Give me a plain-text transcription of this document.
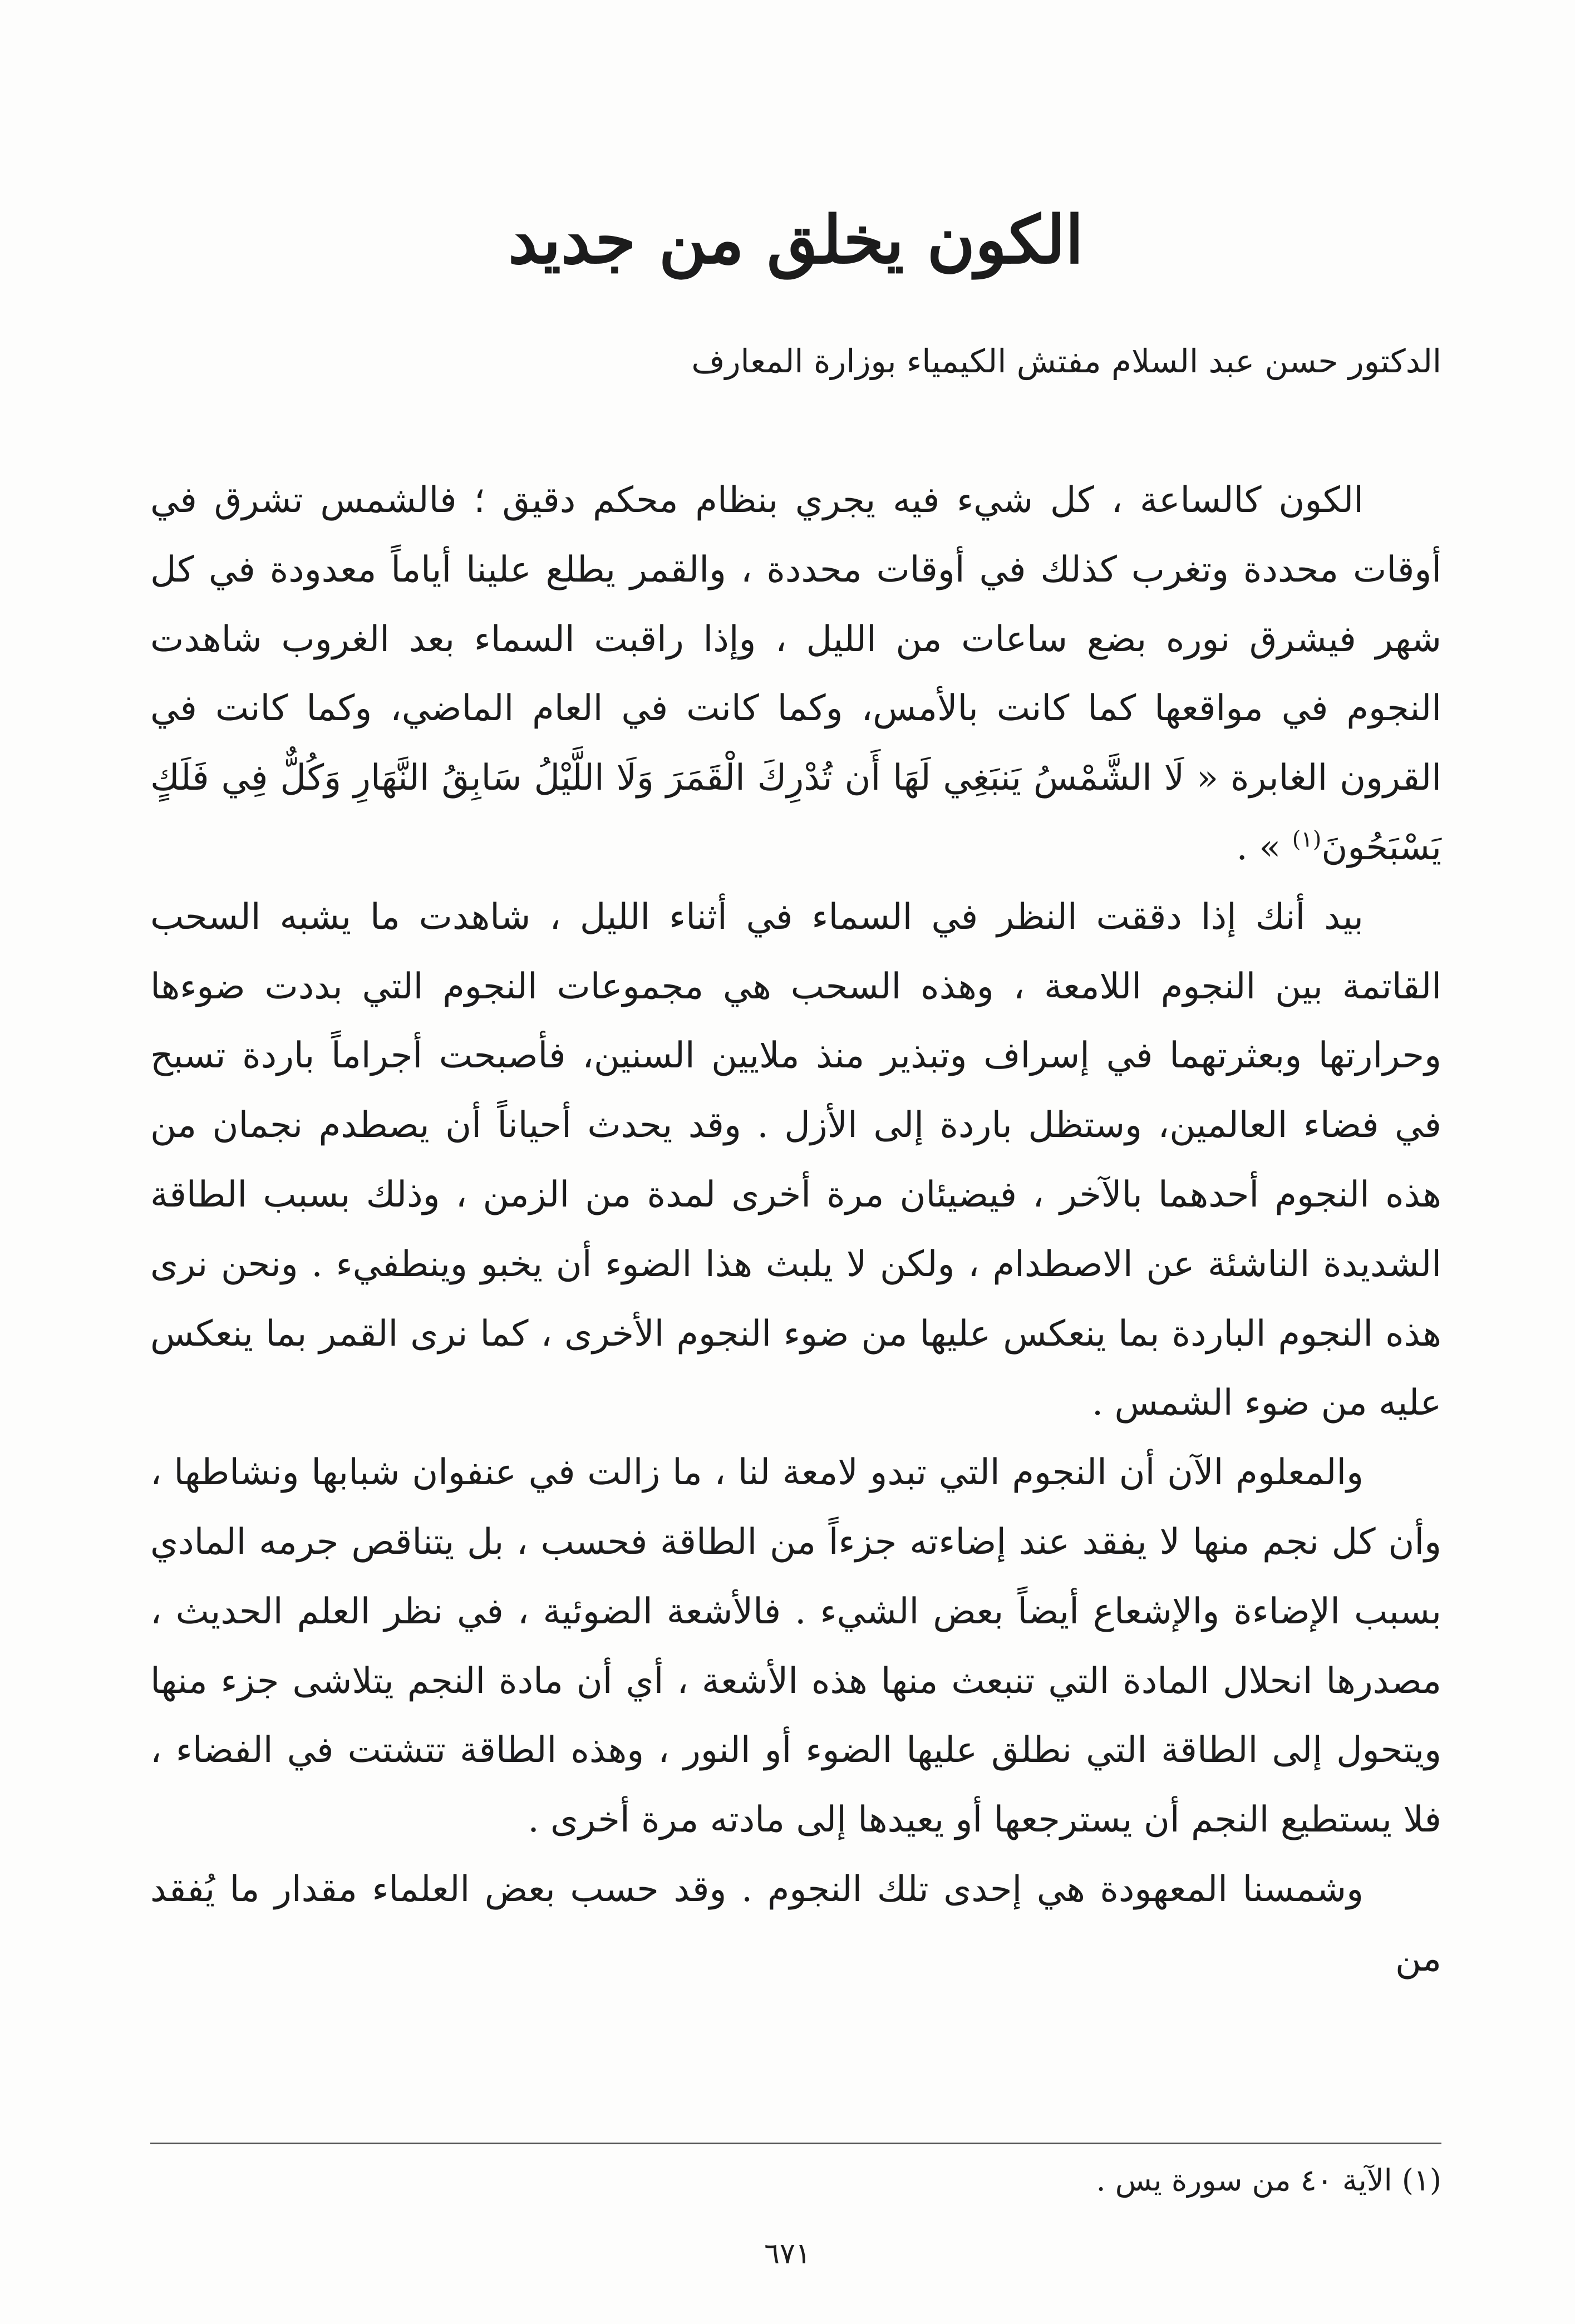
الكون يخلق من جديد
الدكتور حسن عبد السلام مفتش الكيمياء بوزارة المعارف

الكون كالساعة ، كل شيء فيه يجري بنظام محكم دقيق ؛ فالشمس تشرق في أوقات محددة وتغرب كذلك في أوقات محددة ، والقمر يطلع علينا أياماً معدودة في كل شهر فيشرق نوره بضع ساعات من الليل ، وإذا راقبت السماء بعد الغروب شاهدت النجوم في مواقعها كما كانت بالأمس، وكما كانت في العام الماضي، وكما كانت في القرون الغابرة « لَا الشَّمْسُ يَنبَغِي لَهَا أَن تُدْرِكَ الْقَمَرَ وَلَا اللَّيْلُ سَابِقُ النَّهَارِ وَكُلٌّ فِي فَلَكٍ يَسْبَحُونَ$^{(١)}$ » .

بيد أنك إذا دققت النظر في السماء في أثناء الليل ، شاهدت ما يشبه السحب القاتمة بين النجوم اللامعة ، وهذه السحب هي مجموعات النجوم التي بددت ضوءها وحرارتها وبعثرتهما في إسراف وتبذير منذ ملايين السنين، فأصبحت أجراماً باردة تسبح في فضاء العالمين، وستظل باردة إلى الأزل . وقد يحدث أحياناً أن يصطدم نجمان من هذه النجوم أحدهما بالآخر ، فيضيئان مرة أخرى لمدة من الزمن ، وذلك بسبب الطاقة الشديدة الناشئة عن الاصطدام ، ولكن لا يلبث هذا الضوء أن يخبو وينطفيء . ونحن نرى هذه النجوم الباردة بما ينعكس عليها من ضوء النجوم الأخرى ، كما نرى القمر بما ينعكس عليه من ضوء الشمس .

والمعلوم الآن أن النجوم التي تبدو لامعة لنا ، ما زالت في عنفوان شبابها ونشاطها ، وأن كل نجم منها لا يفقد عند إضاءته جزءاً من الطاقة فحسب ، بل يتناقص جرمه المادي بسبب الإضاءة والإشعاع أيضاً بعض الشيء . فالأشعة الضوئية ، في نظر العلم الحديث ، مصدرها انحلال المادة التي تنبعث منها هذه الأشعة ، أي أن مادة النجم يتلاشى جزء منها ويتحول إلى الطاقة التي نطلق عليها الضوء أو النور ، وهذه الطاقة تتشتت في الفضاء ، فلا يستطيع النجم أن يسترجعها أو يعيدها إلى مادته مرة أخرى .

وشمسنا المعهودة هي إحدى تلك النجوم . وقد حسب بعض العلماء مقدار ما يُفقد من

(١) الآية ٤٠ من سورة يس .
٦٧١
